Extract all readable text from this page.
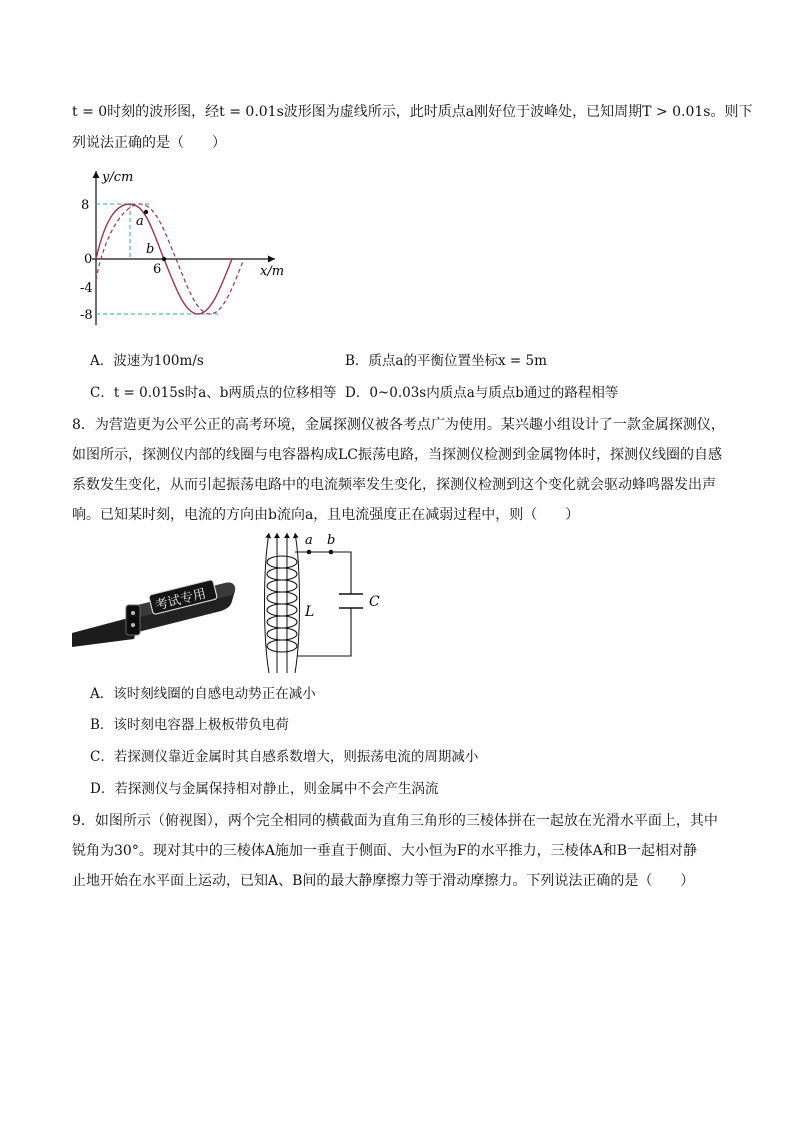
t = 0时刻的波形图，经t = 0.01s波形图为虚线所示，此时质点a刚好位于波峰处，已知周期T > 0.01s。则下
列说法正确的是（　　）
y/cm
x/m
8
0
-4
-8
6
a
b
A．波速为100m/s	B．质点a的平衡位置坐标x = 5m
C．t = 0.015s时a、b两质点的位移相等 D．0~0.03s内质点a与质点b通过的路程相等
8．为营造更为公平公正的高考环境，金属探测仪被各考点广为使用。某兴趣小组设计了一款金属探测仪，
如图所示，探测仪内部的线圈与电容器构成LC振荡电路，当探测仪检测到金属物体时，探测仪线圈的自感
系数发生变化，从而引起振荡电路中的电流频率发生变化，探测仪检测到这个变化就会驱动蜂鸣器发出声
响。已知某时刻，电流的方向由b流向a，且电流强度正在减弱过程中，则（　　）
考试专用
a b
L
C
A．该时刻线圈的自感电动势正在减小
B．该时刻电容器上极板带负电荷
C．若探测仪靠近金属时其自感系数增大，则振荡电流的周期减小
D．若探测仪与金属保持相对静止，则金属中不会产生涡流
9．如图所示（俯视图），两个完全相同的横截面为直角三角形的三棱体拼在一起放在光滑水平面上，其中
锐角为30°。现对其中的三棱体A施加一垂直于侧面、大小恒为F的水平推力，三棱体A和B一起相对静
止地开始在水平面上运动，已知A、B间的最大静摩擦力等于滑动摩擦力。下列说法正确的是（　　）
